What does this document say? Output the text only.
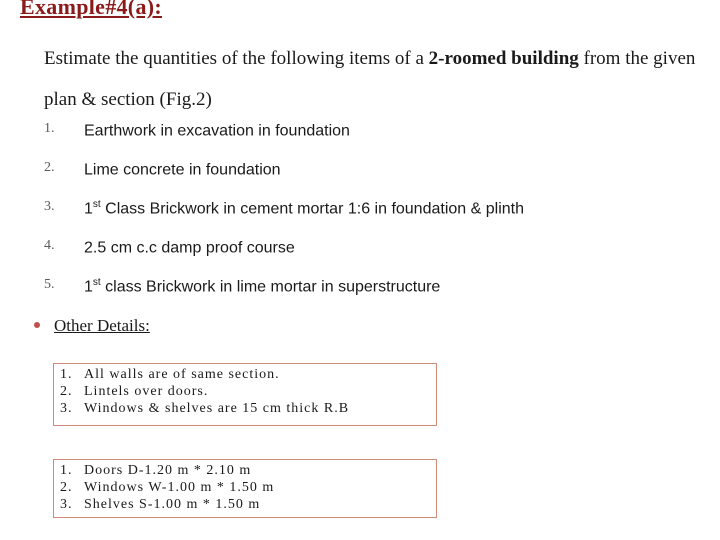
Example#4(a):
Estimate the quantities of the following items of a 2-roomed building from the given plan & section (Fig.2)
1. Earthwork in excavation in foundation
2. Lime concrete in foundation
3. 1st Class Brickwork in cement mortar 1:6 in foundation & plinth
4. 2.5 cm c.c damp proof course
5. 1st class Brickwork in lime mortar in superstructure
Other Details:
1. All walls are of same section.
2. Lintels over doors.
3. Windows & shelves are 15 cm thick R.B
1. Doors D-1.20 m * 2.10 m
2. Windows W-1.00 m * 1.50 m
3. Shelves S-1.00 m * 1.50 m
